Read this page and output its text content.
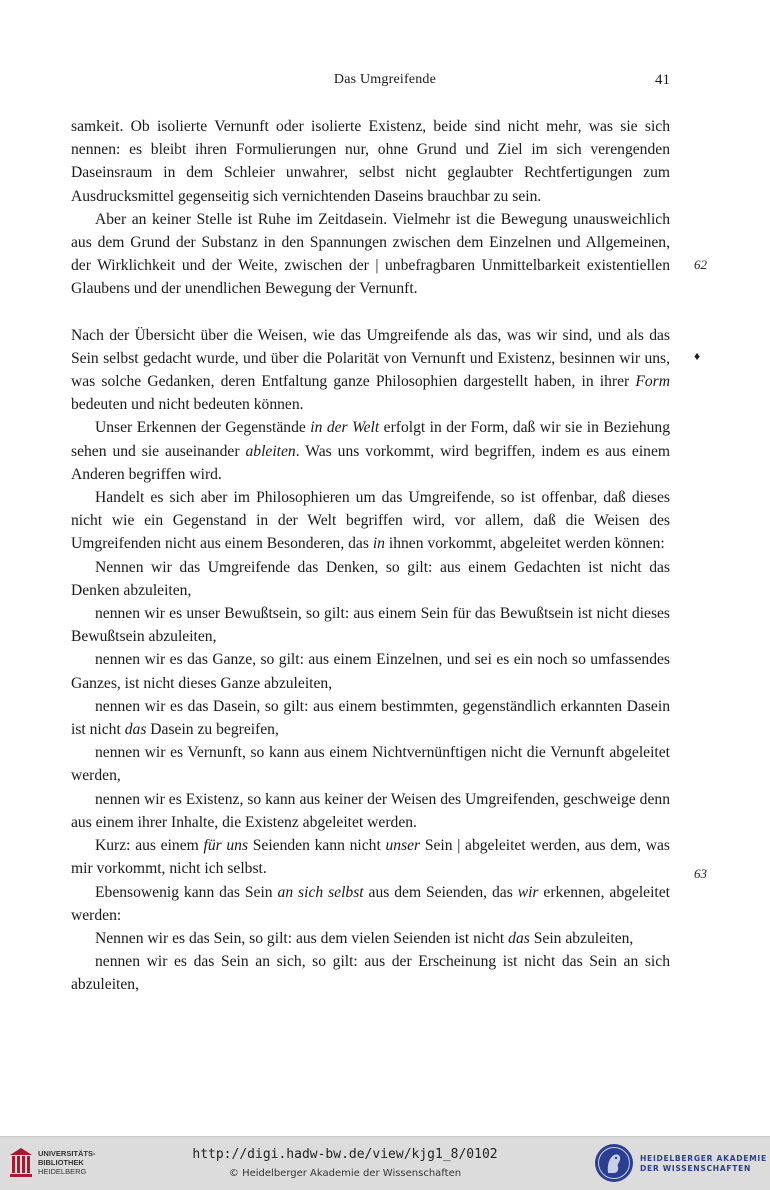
Das Umgreifende	41

samkeit. Ob isolierte Vernunft oder isolierte Existenz, beide sind nicht mehr, was sie sich nennen: es bleibt ihren Formulierungen nur, ohne Grund und Ziel im sich verengenden Daseinsraum in dem Schleier unwahrer, selbst nicht geglaubter Rechtfertigungen zum Ausdrucksmittel gegenseitig sich vernichtenden Daseins brauchbar zu sein.

Aber an keiner Stelle ist Ruhe im Zeitdasein. Vielmehr ist die Bewegung unausweichlich aus dem Grund der Substanz in den Spannungen zwischen dem Einzelnen und Allgemeinen, der Wirklichkeit und der Weite, zwischen der | unbefragbaren Unmittelbarkeit existentiellen Glaubens und der unendlichen Bewegung der Vernunft.

Nach der Übersicht über die Weisen, wie das Umgreifende als das, was wir sind, und als das Sein selbst gedacht wurde, und über die Polarität von Vernunft und Existenz, besinnen wir uns, was solche Gedanken, deren Entfaltung ganze Philosophien dargestellt haben, in ihrer Form bedeuten und nicht bedeuten können.

Unser Erkennen der Gegenstände in der Welt erfolgt in der Form, daß wir sie in Beziehung sehen und sie auseinander ableiten. Was uns vorkommt, wird begriffen, indem es aus einem Anderen begriffen wird.

Handelt es sich aber im Philosophieren um das Umgreifende, so ist offenbar, daß dieses nicht wie ein Gegenstand in der Welt begriffen wird, vor allem, daß die Weisen des Umgreifenden nicht aus einem Besonderen, das in ihnen vorkommt, abgeleitet werden können:

Nennen wir das Umgreifende das Denken, so gilt: aus einem Gedachten ist nicht das Denken abzuleiten,

nennen wir es unser Bewußtsein, so gilt: aus einem Sein für das Bewußtsein ist nicht dieses Bewußtsein abzuleiten,

nennen wir es das Ganze, so gilt: aus einem Einzelnen, und sei es ein noch so umfassendes Ganzes, ist nicht dieses Ganze abzuleiten,

nennen wir es das Dasein, so gilt: aus einem bestimmten, gegenständlich erkannten Dasein ist nicht das Dasein zu begreifen,

nennen wir es Vernunft, so kann aus einem Nichtvernünftigen nicht die Vernunft abgeleitet werden,

nennen wir es Existenz, so kann aus keiner der Weisen des Umgreifenden, geschweige denn aus einem ihrer Inhalte, die Existenz abgeleitet werden.

Kurz: aus einem für uns Seienden kann nicht unser Sein | abgeleitet werden, aus dem, was mir vorkommt, nicht ich selbst.

Ebensowenig kann das Sein an sich selbst aus dem Seienden, das wir erkennen, abgeleitet werden:

Nennen wir es das Sein, so gilt: aus dem vielen Seienden ist nicht das Sein abzuleiten,

nennen wir es das Sein an sich, so gilt: aus der Erscheinung ist nicht das Sein an sich abzuleiten,

62
♦
63
UNIVERSITÄTS-
BIBLIOTHEK
HEIDELBERG
http://digi.hadw-bw.de/view/kjg1_8/0102
© Heidelberger Akademie der Wissenschaften
HEIDELBERGER AKADEMIE
DER WISSENSCHAFTEN
